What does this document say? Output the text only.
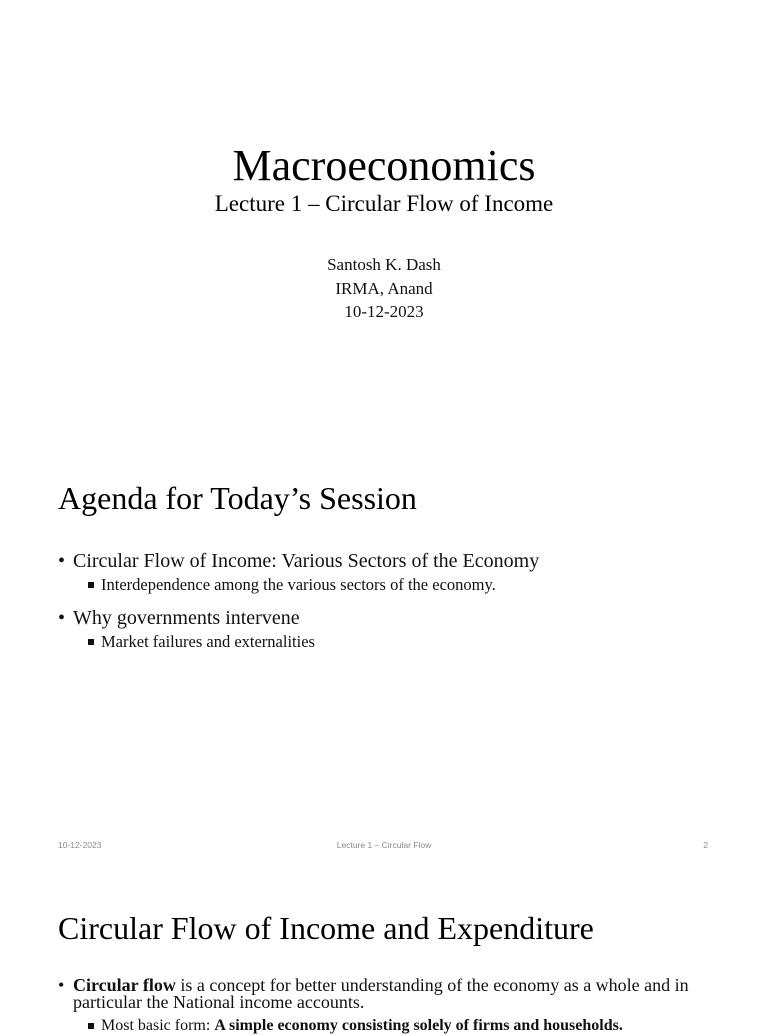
Macroeconomics
Lecture 1 – Circular Flow of Income
Santosh K. Dash
IRMA, Anand
10-12-2023
Agenda for Today’s Session
• Circular Flow of Income: Various Sectors of the Economy
Interdependence among the various sectors of the economy.
• Why governments intervene
Market failures and externalities
10-12-2023	Lecture 1 – Circular Flow	2
Circular Flow of Income and Expenditure
• Circular flow is a concept for better understanding of the economy as a whole and in particular the National income accounts.
Most basic form: A simple economy consisting solely of firms and households.
